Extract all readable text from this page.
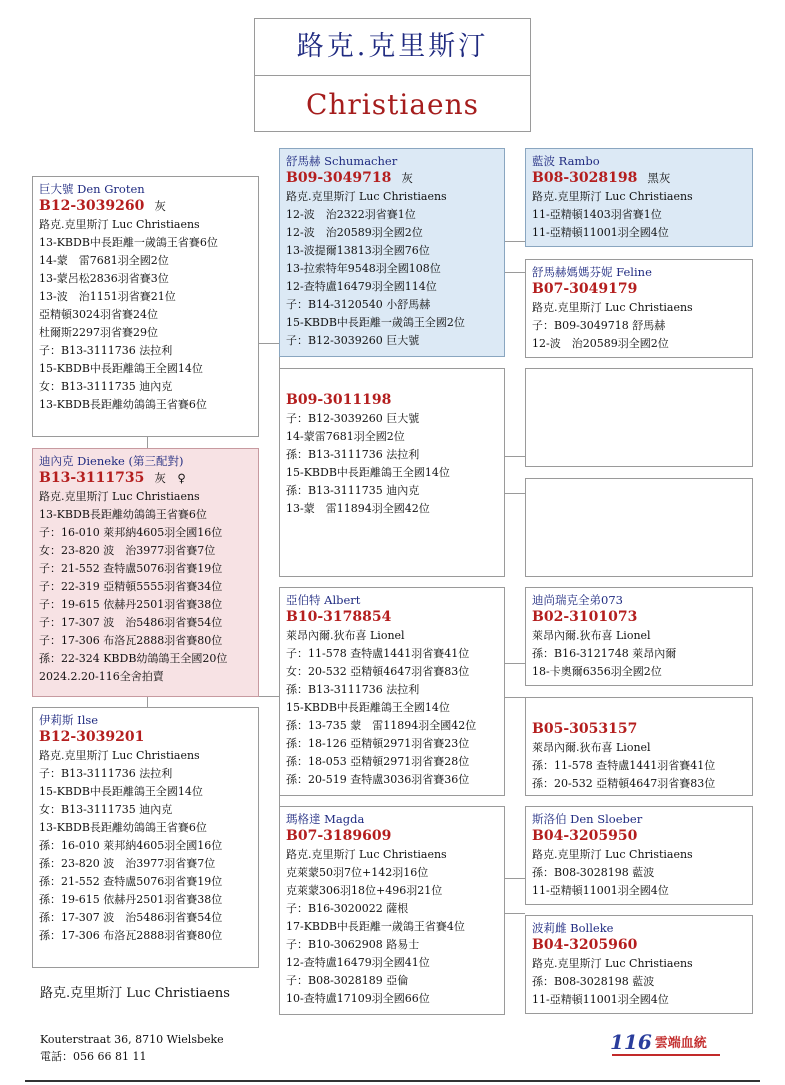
路克.克里斯汀
Christiaens
巨大號 Den Groten
B12-3039260 灰
路克.克里斯汀 Luc Christiaens
13-KBDB中長距離一歲鴿王省賽6位
14-蒙　雷7681羽全國2位
13-蒙呂松2836羽省賽3位
13-波　治1151羽省賽21位
亞精頓3024羽省賽24位
杜爾斯2297羽省賽29位
子：B13-3111736 法拉利
15-KBDB中長距離鴿王全國14位
女：B13-3111735 迪內克
13-KBDB長距離幼鴿鴿王省賽6位
迪內克 Dieneke (第三配對)
B13-3111735 灰　♀
路克.克里斯汀 Luc Christiaens
13-KBDB長距離幼鴿鴿王省賽6位
子：16-010 萊邦納4605羽全國16位
女：23-820 波　治3977羽省賽7位
子：21-552 查特盧5076羽省賽19位
子：22-319 亞精頓5555羽省賽34位
子：19-615 依赫丹2501羽省賽38位
子：17-307 波　治5486羽省賽54位
子：17-306 布洛瓦2888羽省賽80位
孫：22-324 KBDB幼鴿鴿王全國20位
2024.2.20-116全舍拍賣
伊莉斯 Ilse
B12-3039201
路克.克里斯汀 Luc Christiaens
子：B13-3111736 法拉利
15-KBDB中長距離鴿王全國14位
女：B13-3111735 迪內克
13-KBDB長距離幼鴿鴿王省賽6位
孫：16-010 萊邦納4605羽全國16位
孫：23-820 波　治3977羽省賽7位
孫：21-552 查特盧5076羽省賽19位
孫：19-615 依赫丹2501羽省賽38位
孫：17-307 波　治5486羽省賽54位
孫：17-306 布洛瓦2888羽省賽80位
舒馬赫 Schumacher
B09-3049718 灰
路克.克里斯汀 Luc Christiaens
12-波　治2322羽省賽1位
12-波　治20589羽全國2位
13-波提爾13813羽全國76位
13-拉索特年9548羽全國108位
12-查特盧16479羽全國114位
子：B14-3120540 小舒馬赫
15-KBDB中長距離一歲鴿王全國2位
子：B12-3039260 巨大號
B09-3011198
子：B12-3039260 巨大號
14-蒙雷7681羽全國2位
孫：B13-3111736 法拉利
15-KBDB中長距離鴿王全國14位
孫：B13-3111735 迪內克
13-蒙　雷11894羽全國42位
亞伯特 Albert
B10-3178854
萊昂內爾.狄布喜 Lionel
子：11-578 查特盧1441羽省賽41位
女：20-532 亞精頓4647羽省賽83位
孫：B13-3111736 法拉利
15-KBDB中長距離鴿王全國14位
孫：13-735 蒙　雷11894羽全國42位
孫：18-126 亞精頓2971羽省賽23位
孫：18-053 亞精頓2971羽省賽28位
孫：20-519 查特盧3036羽省賽36位
瑪格達 Magda
B07-3189609
路克.克里斯汀 Luc Christiaens
克萊蒙50羽7位+142羽16位
克萊蒙306羽18位+496羽21位
子：B16-3020022 薩根
17-KBDB中長距離一歲鴿王省賽4位
子：B10-3062908 路易士
12-查特盧16479羽全國41位
子：B08-3028189 亞倫
10-查特盧17109羽全國66位
藍波 Rambo
B08-3028198 黑灰
路克.克里斯汀 Luc Christiaens
11-亞精頓1403羽省賽1位
11-亞精頓11001羽全國4位
舒馬赫媽媽芬妮 Feline
B07-3049179
路克.克里斯汀 Luc Christiaens
子：B09-3049718 舒馬赫
12-波　治20589羽全國2位
迪尚瑞克全弟073
B02-3101073
萊昂內爾.狄布喜 Lionel
孫：B16-3121748 萊昂內爾
18-卡奧爾6356羽全國2位
B05-3053157
萊昂內爾.狄布喜 Lionel
孫：11-578 查特盧1441羽省賽41位
孫：20-532 亞精頓4647羽省賽83位
斯洛伯 Den Sloeber
B04-3205950
路克.克里斯汀 Luc Christiaens
孫：B08-3028198 藍波
11-亞精頓11001羽全國4位
波莉雌 Bolleke
B04-3205960
路克.克里斯汀 Luc Christiaens
孫：B08-3028198 藍波
11-亞精頓11001羽全國4位
路克.克里斯汀 Luc Christiaens
Kouterstraat 36, 8710 Wielsbeke
電話：056 66 81 11
116 雲端血統
